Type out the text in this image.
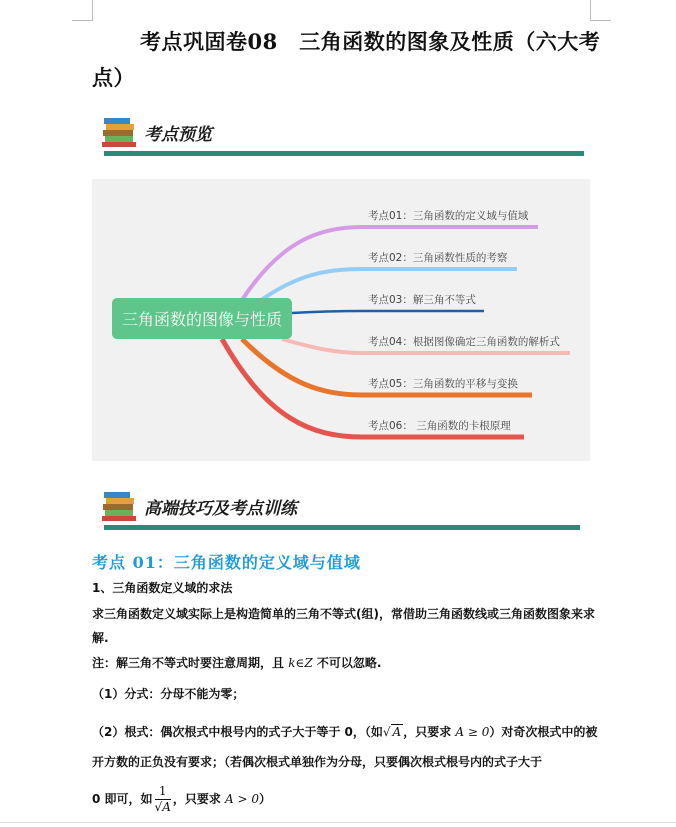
考点巩固卷08　三角函数的图象及性质（六大考点）
考点预览
三角函数的图像与性质
考点01：三角函数的定义域与值域
考点02：三角函数性质的考察
考点03：解三角不等式
考点04：根据图像确定三角函数的解析式
考点05：三角函数的平移与变换
考点06： 三角函数的卡根原理
高端技巧及考点训练
考点 01：三角函数的定义域与值域

1、三角函数定义域的求法

求三角函数定义域实际上是构造简单的三角不等式(组)，常借助三角函数线或三角函数图象来求解.

注：解三角不等式时要注意周期，且 k∈Z 不可以忽略.

（1）分式：分母不能为零；

（2）根式：偶次根式中根号内的式子大于等于 0，（如√ A ，只要求 A ≥ 0）对奇次根式中的被开方数的正负没有要求；（若偶次根式单独作为分母，只要偶次根式根号内的式子大于

0 即可，如 $\frac{1}{√A}$ ，只要求 A > 0）
